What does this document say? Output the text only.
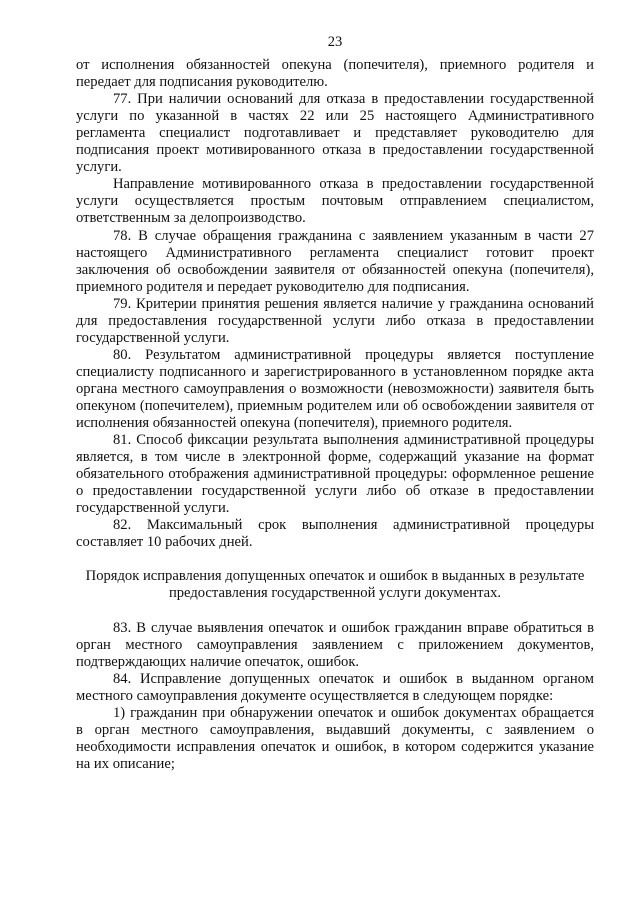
23

от исполнения обязанностей опекуна (попечителя), приемного родителя и передает для подписания руководителю.

77. При наличии оснований для отказа в предоставлении государственной услуги по указанной в частях 22 или 25 настоящего Административного регламента специалист подготавливает и представляет руководителю для подписания проект мотивированного отказа в предоставлении государственной услуги.

Направление мотивированного отказа в предоставлении государственной услуги осуществляется простым почтовым отправлением специалистом, ответственным за делопроизводство.

78. В случае обращения гражданина с заявлением указанным в части 27 настоящего Административного регламента специалист готовит проект заключения об освобождении заявителя от обязанностей опекуна (попечителя), приемного родителя и передает руководителю для подписания.

79. Критерии принятия решения является наличие у гражданина оснований для предоставления государственной услуги либо отказа в предоставлении государственной услуги.

80. Результатом административной процедуры является поступление специалисту подписанного и зарегистрированного в установленном порядке акта органа местного самоуправления о возможности (невозможности) заявителя быть опекуном (попечителем), приемным родителем или об освобождении заявителя от исполнения обязанностей опекуна (попечителя), приемного родителя.

81. Способ фиксации результата выполнения административной процедуры является, в том числе в электронной форме, содержащий указание на формат обязательного отображения административной процедуры: оформленное решение о предоставлении государственной услуги либо об отказе в предоставлении государственной услуги.

82. Максимальный срок выполнения административной процедуры составляет 10 рабочих дней.

Порядок исправления допущенных опечаток и ошибок в выданных в результате предоставления государственной услуги документах.

83. В случае выявления опечаток и ошибок гражданин вправе обратиться в орган местного самоуправления заявлением с приложением документов, подтверждающих наличие опечаток, ошибок.

84. Исправление допущенных опечаток и ошибок в выданном органом местного самоуправления документе осуществляется в следующем порядке:

1) гражданин при обнаружении опечаток и ошибок документах обращается в орган местного самоуправления, выдавший документы, с заявлением о необходимости исправления опечаток и ошибок, в котором содержится указание на их описание;
